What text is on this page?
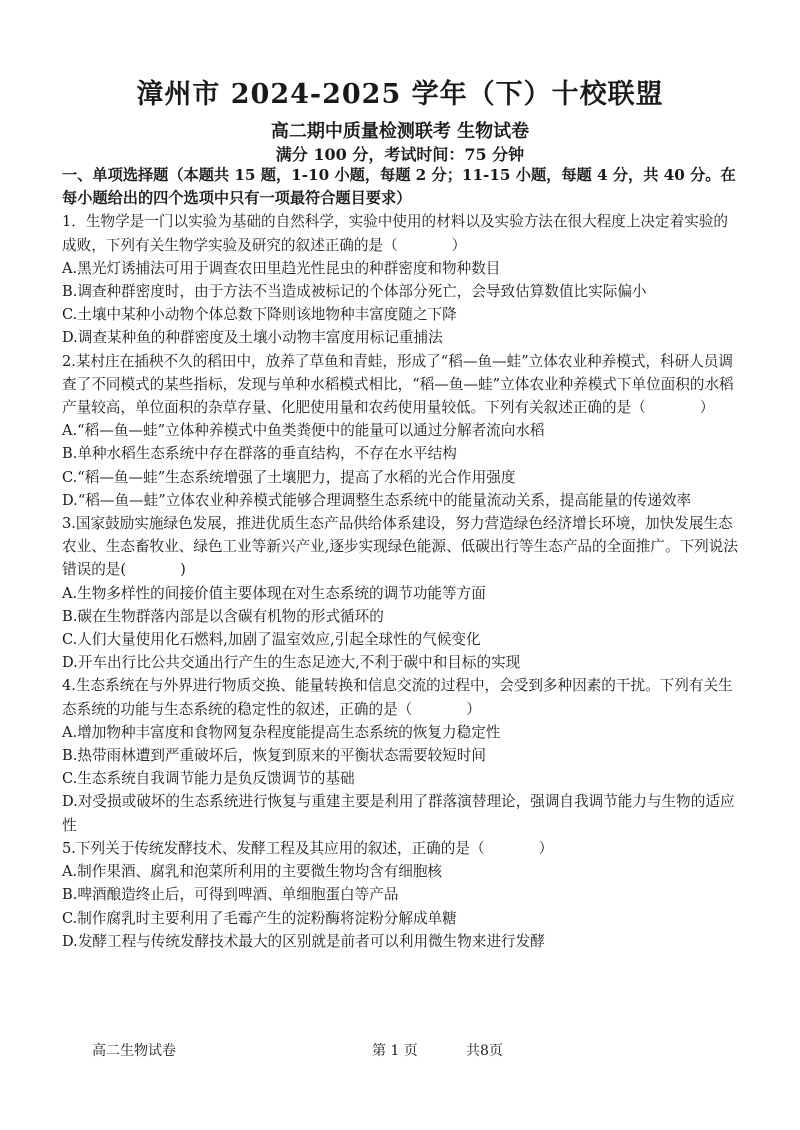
漳州市 2024-2025 学年（下）十校联盟
高二期中质量检测联考 生物试卷
满分 100 分，考试时间：75 分钟
一、单项选择题（本题共 15 题，1-10 小题，每题 2 分；11-15 小题，每题 4 分，共 40 分。在每小题给出的四个选项中只有一项最符合题目要求）

1．生物学是一门以实验为基础的自然科学，实验中使用的材料以及实验方法在很大程度上决定着实验的成败，下列有关生物学实验及研究的叙述正确的是（	）

A.黑光灯诱捕法可用于调查农田里趋光性昆虫的种群密度和物种数目

B.调查种群密度时，由于方法不当造成被标记的个体部分死亡，会导致估算数值比实际偏小

C.土壤中某种小动物个体总数下降则该地物种丰富度随之下降

D.调查某种鱼的种群密度及土壤小动物丰富度用标记重捕法

2.某村庄在插秧不久的稻田中，放养了草鱼和青蛙，形成了“稻—鱼—蛙”立体农业种养模式，科研人员调查了不同模式的某些指标，发现与单种水稻模式相比，“稻—鱼—蛙”立体农业种养模式下单位面积的水稻产量较高，单位面积的杂草存量、化肥使用量和农药使用量较低。下列有关叙述正确的是（	）

A.“稻—鱼—蛙”立体种养模式中鱼类粪便中的能量可以通过分解者流向水稻

B.单种水稻生态系统中存在群落的垂直结构，不存在水平结构

C.“稻—鱼—蛙”生态系统增强了土壤肥力，提高了水稻的光合作用强度

D.“稻—鱼—蛙”立体农业种养模式能够合理调整生态系统中的能量流动关系，提高能量的传递效率

3.国家鼓励实施绿色发展，推进优质生态产品供给体系建设，努力营造绿色经济增长环境，加快发展生态农业、生态畜牧业、绿色工业等新兴产业,逐步实现绿色能源、低碳出行等生态产品的全面推广。下列说法错误的是(	)

A.生物多样性的间接价值主要体现在对生态系统的调节功能等方面

B.碳在生物群落内部是以含碳有机物的形式循环的

C.人们大量使用化石燃料,加剧了温室效应,引起全球性的气候变化

D.开车出行比公共交通出行产生的生态足迹大,不利于碳中和目标的实现

4.生态系统在与外界进行物质交换、能量转换和信息交流的过程中，会受到多种因素的干扰。下列有关生态系统的功能与生态系统的稳定性的叙述，正确的是（	）

A.增加物种丰富度和食物网复杂程度能提高生态系统的恢复力稳定性

B.热带雨林遭到严重破坏后，恢复到原来的平衡状态需要较短时间

C.生态系统自我调节能力是负反馈调节的基础

D.对受损或破坏的生态系统进行恢复与重建主要是利用了群落演替理论，强调自我调节能力与生物的适应性

5.下列关于传统发酵技术、发酵工程及其应用的叙述，正确的是（	）

A.制作果酒、腐乳和泡菜所利用的主要微生物均含有细胞核

B.啤酒酿造终止后，可得到啤酒、单细胞蛋白等产品

C.制作腐乳时主要利用了毛霉产生的淀粉酶将淀粉分解成单糖

D.发酵工程与传统发酵技术最大的区别就是前者可以利用微生物来进行发酵

高二生物试卷	第 1 页	共8页
